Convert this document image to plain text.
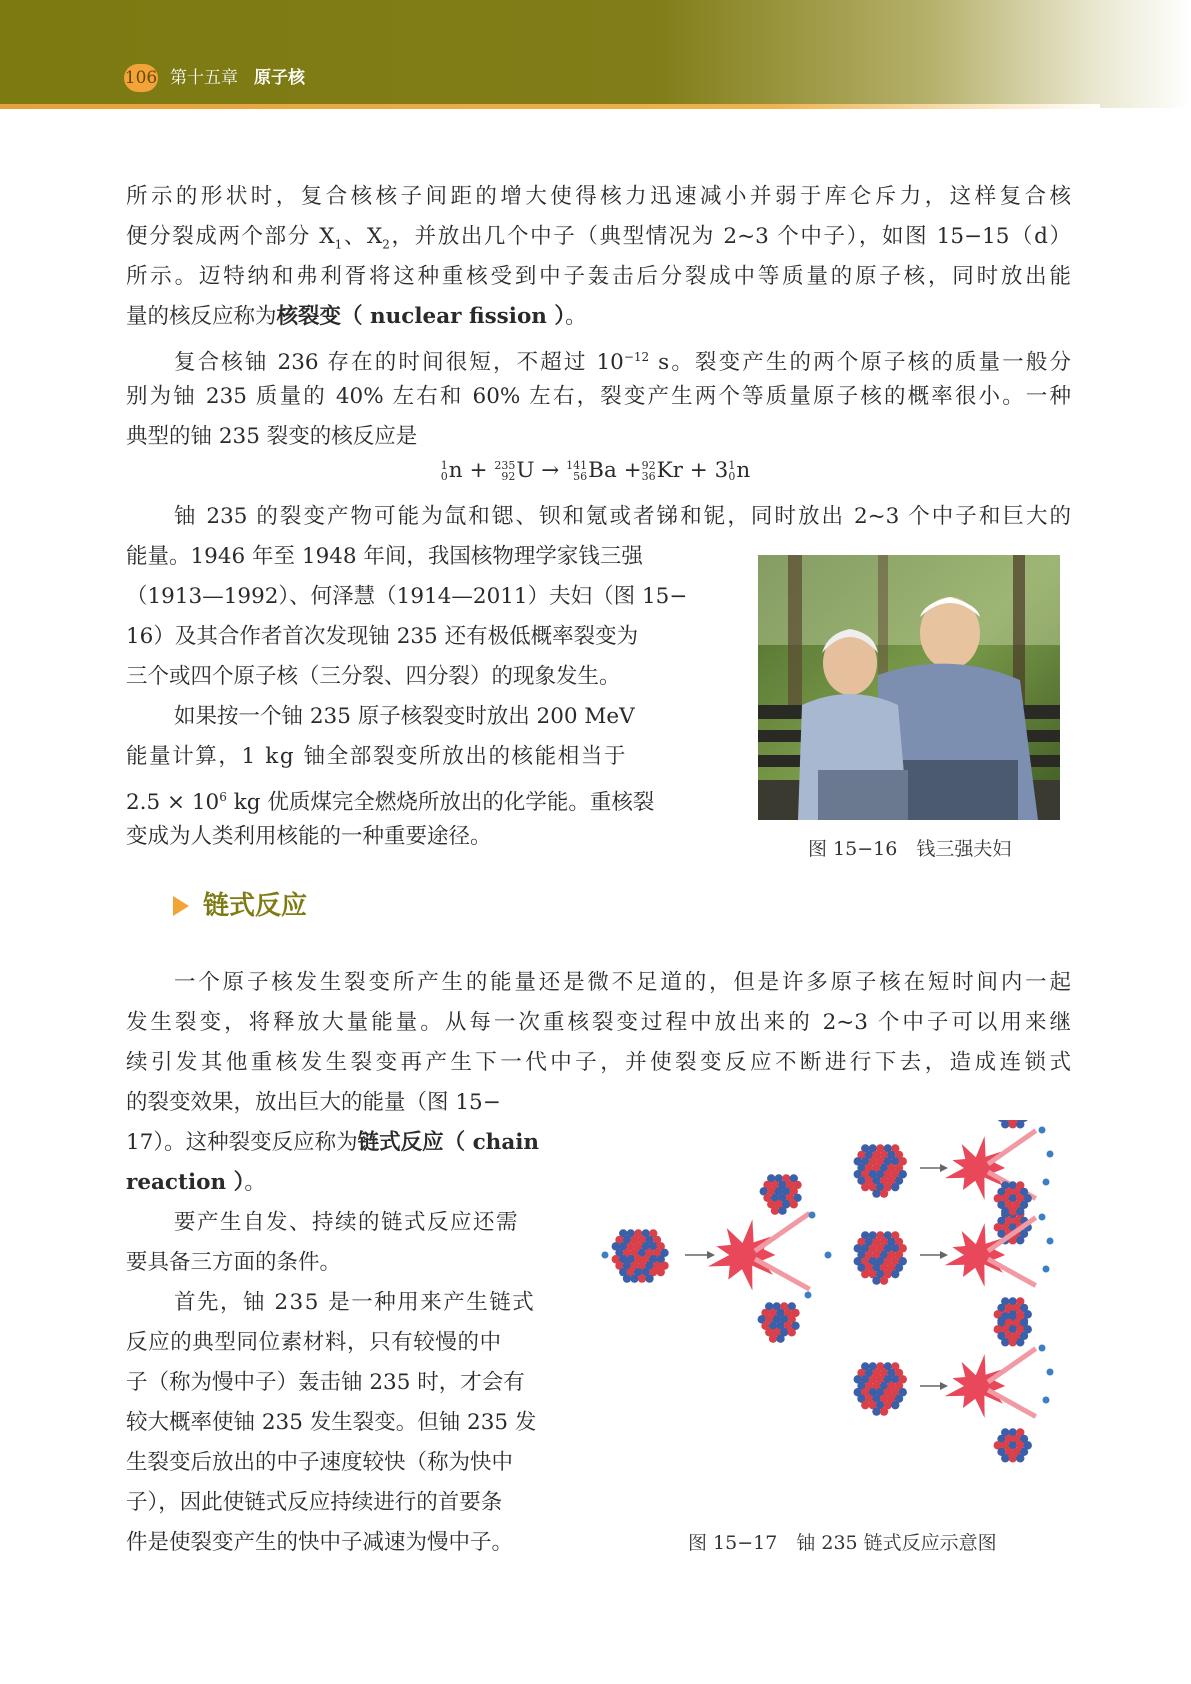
106 第十五章 原子核

所示的形状时，复合核核子间距的增大使得核力迅速减小并弱于库仑斥力，这样复合核

便分裂成两个部分 $X_1$、$X_2$，并放出几个中子（典型情况为 2~3 个中子），如图 15−15（d）

所示。迈特纳和弗利胥将这种重核受到中子轰击后分裂成中等质量的原子核，同时放出能

量的核反应称为核裂变（ nuclear fission ）。

复合核铀 236 存在的时间很短，不超过 $10^{-12}$ s。裂变产生的两个原子核的质量一般分

别为铀 235 质量的 40% 左右和 60% 左右，裂变产生两个等质量原子核的概率很小。一种

典型的铀 235 裂变的核反应是

1
0 n + 235
92 U → 141
56 Ba + 92
36 Kr + 3 1
0 n

铀 235 的裂变产物可能为氙和锶、钡和氪或者锑和铌，同时放出 2~3 个中子和巨大的

能量。1946 年至 1948 年间，我国核物理学家钱三强

（1913—1992）、何泽慧（1914—2011）夫妇（图 15−

16）及其合作者首次发现铀 235 还有极低概率裂变为

三个或四个原子核（三分裂、四分裂）的现象发生。

如果按一个铀 235 原子核裂变时放出 200 MeV

能量计算，1 kg 铀全部裂变所放出的核能相当于

$2.5 \times 10^6$ kg 优质煤完全燃烧所放出的化学能。重核裂

变成为人类利用核能的一种重要途径。	图 15−16　钱三强夫妇
链式反应

一个原子核发生裂变所产生的能量还是微不足道的，但是许多原子核在短时间内一起

发生裂变，将释放大量能量。从每一次重核裂变过程中放出来的 2~3 个中子可以用来继

续引发其他重核发生裂变再产生下一代中子，并使裂变反应不断进行下去，造成连锁式

的裂变效果，放出巨大的能量（图 15−

17）。这种裂变反应称为链式反应（ chain

reaction ）。

要产生自发、持续的链式反应还需

要具备三方面的条件。

首先，铀 235 是一种用来产生链式

反应的典型同位素材料，只有较慢的中

子（称为慢中子）轰击铀 235 时，才会有

较大概率使铀 235 发生裂变。但铀 235 发

生裂变后放出的中子速度较快（称为快中

子），因此使链式反应持续进行的首要条

件是使裂变产生的快中子减速为慢中子。	图 15−17　铀 235 链式反应示意图
